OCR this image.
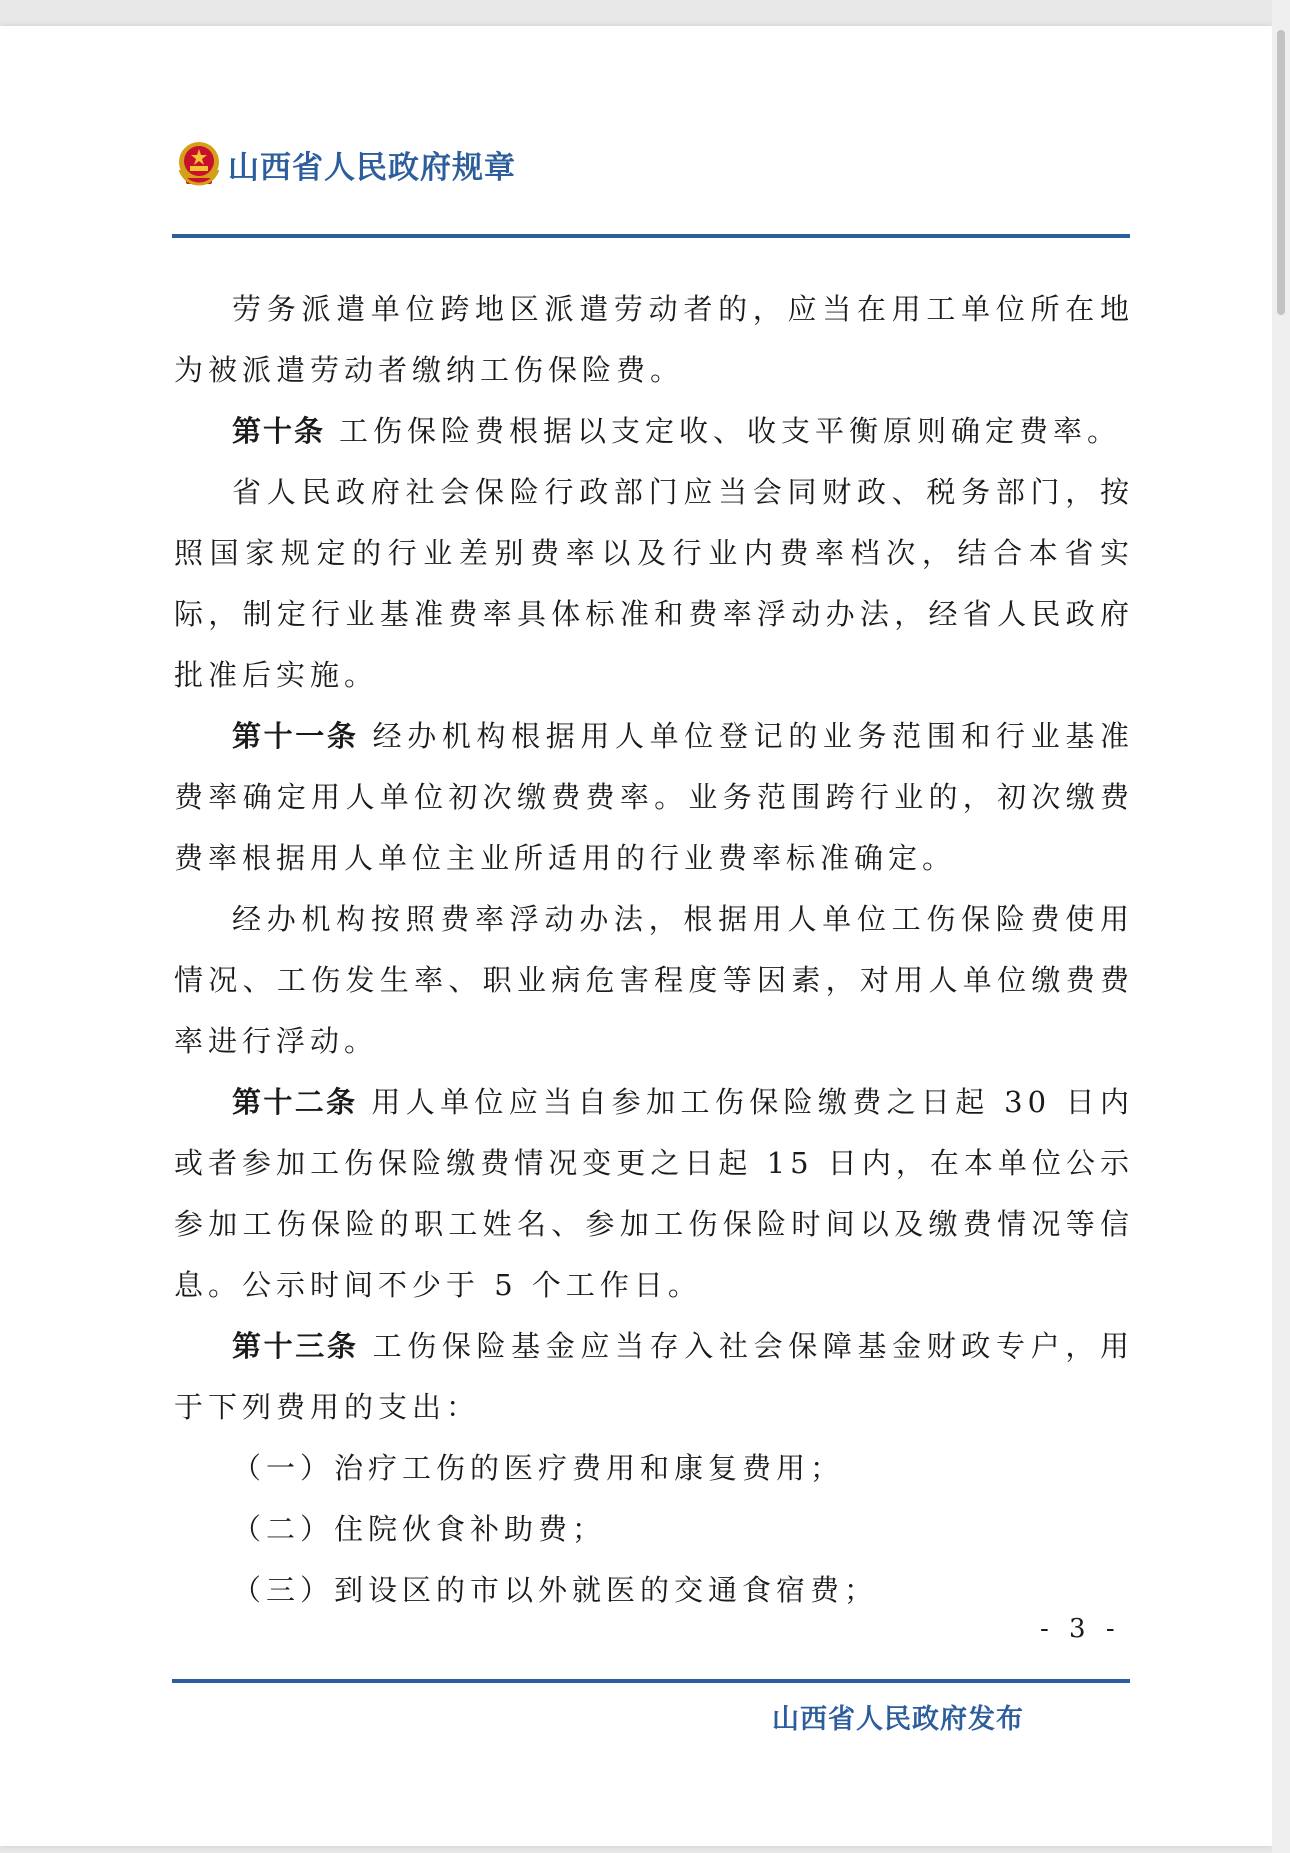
山西省人民政府规章

劳务派遣单位跨地区派遣劳动者的，应当在用工单位所在地为被派遣劳动者缴纳工伤保险费。

第十条 工伤保险费根据以支定收、收支平衡原则确定费率。

省人民政府社会保险行政部门应当会同财政、税务部门，按照国家规定的行业差别费率以及行业内费率档次，结合本省实际，制定行业基准费率具体标准和费率浮动办法，经省人民政府批准后实施。

第十一条 经办机构根据用人单位登记的业务范围和行业基准费率确定用人单位初次缴费费率。业务范围跨行业的，初次缴费费率根据用人单位主业所适用的行业费率标准确定。

经办机构按照费率浮动办法，根据用人单位工伤保险费使用情况、工伤发生率、职业病危害程度等因素，对用人单位缴费费率进行浮动。

第十二条 用人单位应当自参加工伤保险缴费之日起 30 日内或者参加工伤保险缴费情况变更之日起 15 日内，在本单位公示参加工伤保险的职工姓名、参加工伤保险时间以及缴费情况等信息。公示时间不少于 5 个工作日。

第十三条 工伤保险基金应当存入社会保障基金财政专户，用于下列费用的支出：

（一）治疗工伤的医疗费用和康复费用；

（二）住院伙食补助费；

（三）到设区的市以外就医的交通食宿费；

- 3 -
山西省人民政府发布
